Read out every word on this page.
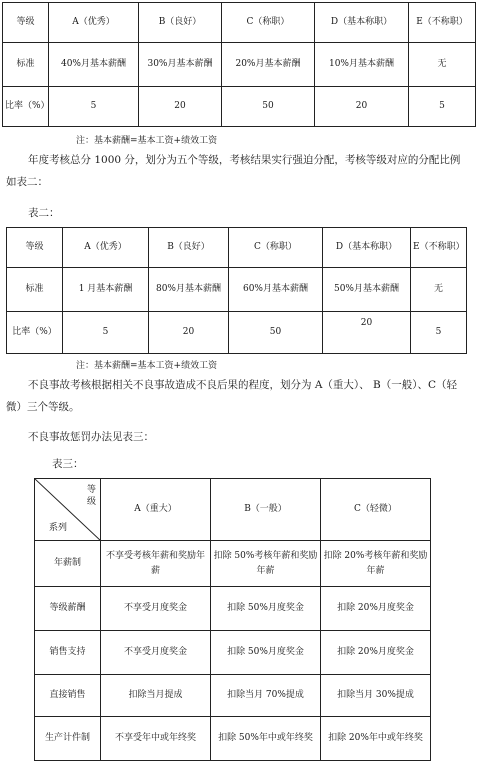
等级	A（优秀）	B（良好）	C（称职）	D（基本称职）	E（不称职）
标准	40%月基本薪酬	30%月基本薪酬	20%月基本薪酬	10%月基本薪酬	无
比率（%）	5	20	50	20	5
注：基本薪酬=基本工资+绩效工资
年度考核总分 1000 分，划分为五个等级，考核结果实行强迫分配，考核等级对应的分配比例如表二：
表二：
等级	A（优秀）	B（良好）	C（称职）	D（基本称职）	E（不称职）
标准	1 月基本薪酬	80%月基本薪酬	60%月基本薪酬	50%月基本薪酬	无
比率（%）	5	20	50	20	5
注：基本薪酬=基本工资+绩效工资
不良事故考核根据相关不良事故造成不良后果的程度，划分为 A（重大）、 B（一般）、C（轻微）三个等级。
不良事故惩罚办法见表三：
表三：
等级
系列	A（重大）	B（一般）	C（轻微）
年薪制	不享受考核年薪和奖励年薪	扣除 50%考核年薪和奖励年薪	扣除 20%考核年薪和奖励年薪
等级薪酬	不享受月度奖金	扣除 50%月度奖金	扣除 20%月度奖金
销售支持	不享受月度奖金	扣除 50%月度奖金	扣除 20%月度奖金
直接销售	扣除当月提成	扣除当月 70%提成	扣除当月 30%提成
生产计件制	不享受年中或年终奖	扣除 50%年中或年终奖	扣除 20%年中或年终奖
